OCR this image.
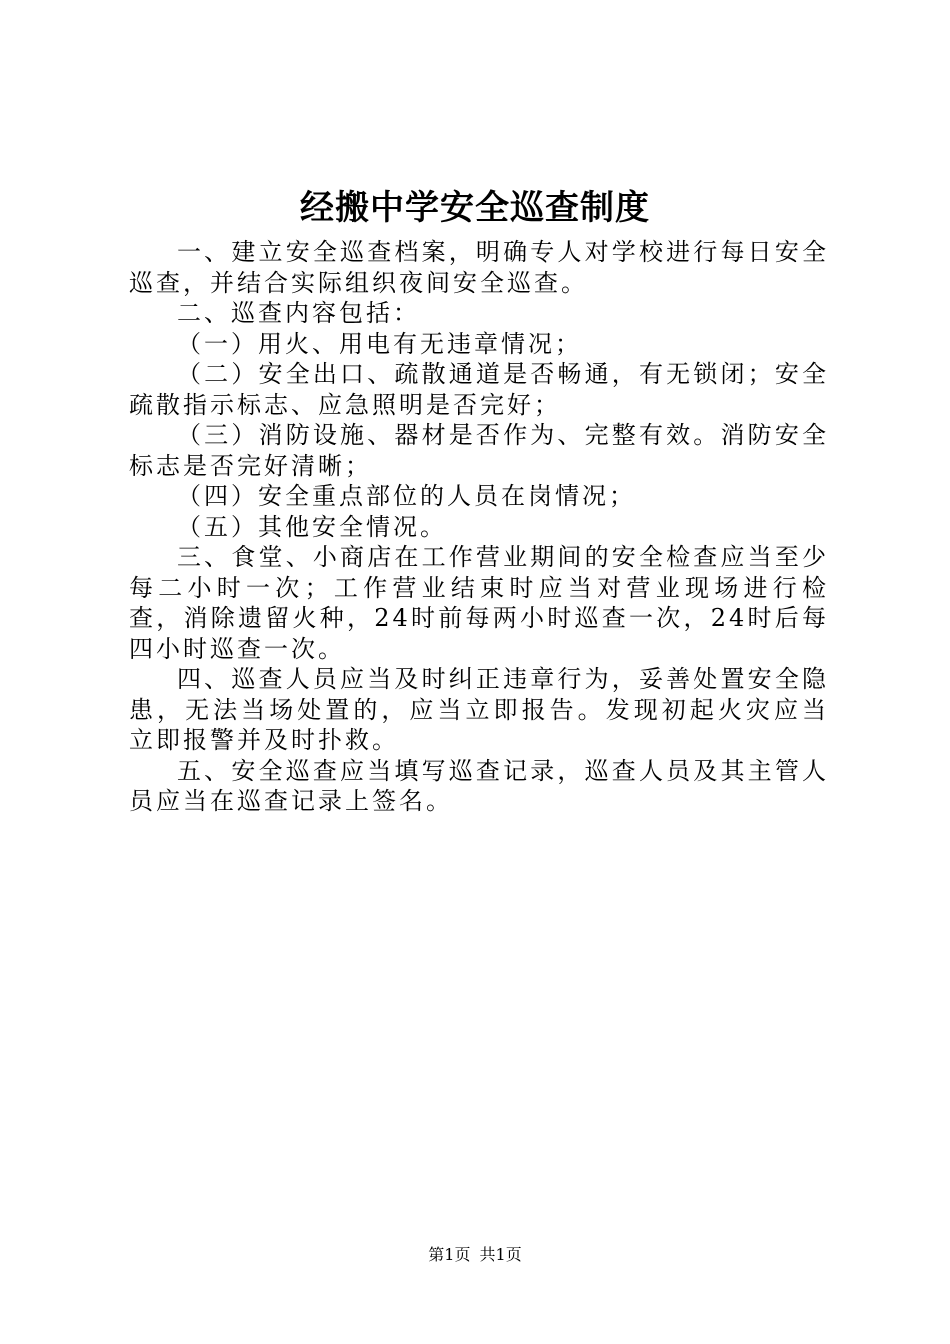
经搬中学安全巡查制度

一、建立安全巡查档案，明确专人对学校进行每日安全巡查，并结合实际组织夜间安全巡查。

二、巡查内容包括：

（一）用火、用电有无违章情况；

（二）安全出口、疏散通道是否畅通，有无锁闭；安全疏散指示标志、应急照明是否完好；

（三）消防设施、器材是否作为、完整有效。消防安全标志是否完好清晰；

（四）安全重点部位的人员在岗情况；

（五）其他安全情况。

三、食堂、小商店在工作营业期间的安全检查应当至少每二小时一次；工作营业结束时应当对营业现场进行检查，消除遗留火种，24时前每两小时巡查一次，24时后每四小时巡查一次。

四、巡查人员应当及时纠正违章行为，妥善处置安全隐患，无法当场处置的，应当立即报告。发现初起火灾应当立即报警并及时扑救。

五、安全巡查应当填写巡查记录，巡查人员及其主管人员应当在巡查记录上签名。

第1页 共1页
